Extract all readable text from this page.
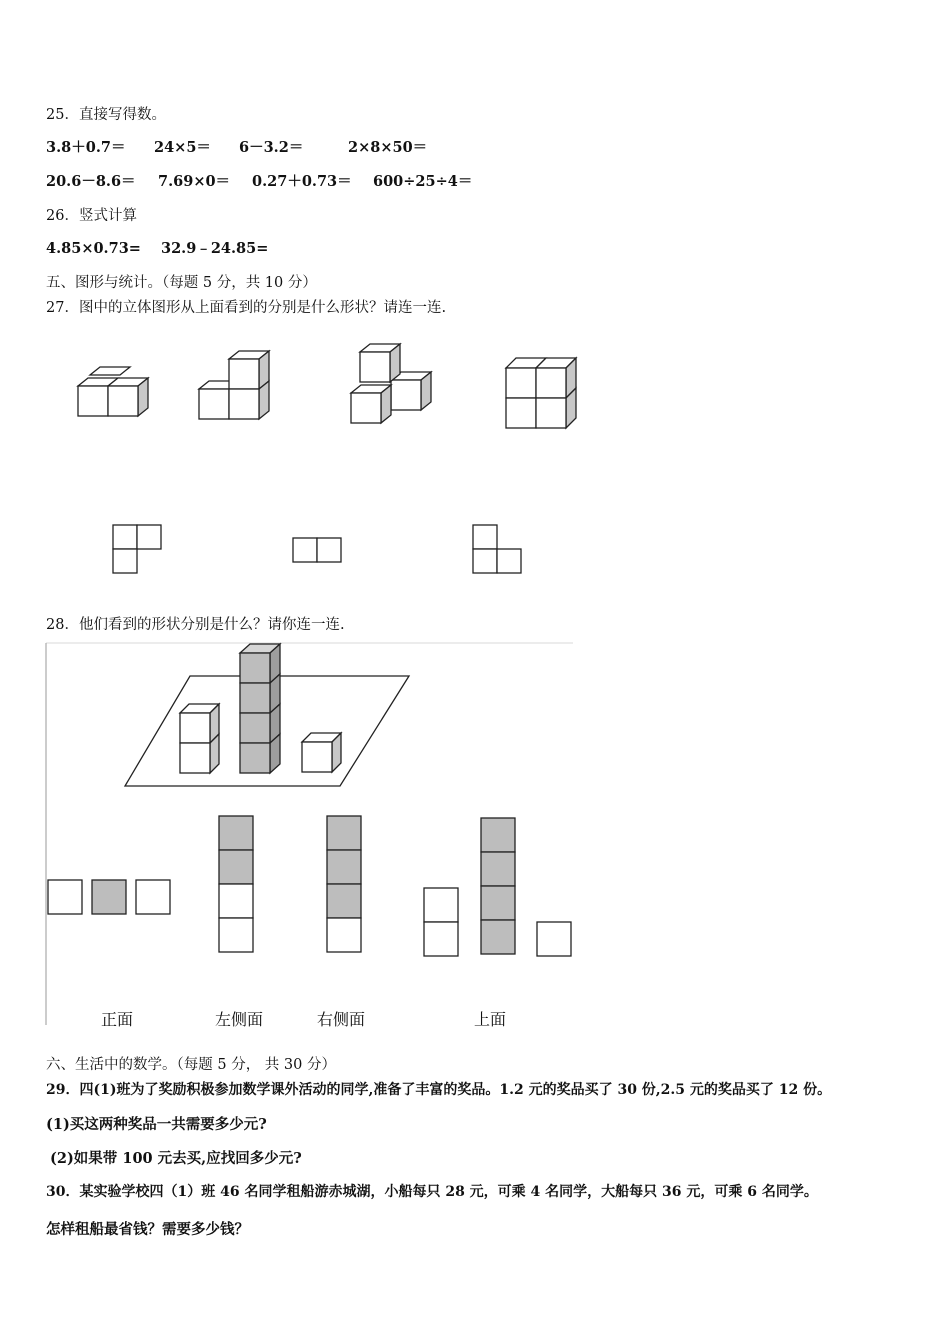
25．直接写得数。
3.8＋0.7＝ 24×5＝ 6－3.2＝	2×8×50＝
20.6－8.6＝ 7.69×0＝ 0.27＋0.73＝ 600÷25÷4＝
26．竖式计算
4.85×0.73= 32.9﹣24.85=
五、图形与统计。（每题 5 分，共 10 分）
27．图中的立体图形从上面看到的分别是什么形状？请连一连.
28．他们看到的形状分别是什么？请你连一连.
正面	左侧面	右侧面	上面
六、生活中的数学。（每题 5 分， 共 30 分）
29．四(1)班为了奖励积极参加数学课外活动的同学,准备了丰富的奖品。1.2 元的奖品买了 30 份,2.5 元的奖品买了 12 份。
(1)买这两种奖品一共需要多少元?
(2)如果带 100 元去买,应找回多少元?
30．某实验学校四（1）班 46 名同学租船游赤城湖，小船每只 28 元，可乘 4 名同学，大船每只 36 元，可乘 6 名同学。
怎样租船最省钱？需要多少钱？
